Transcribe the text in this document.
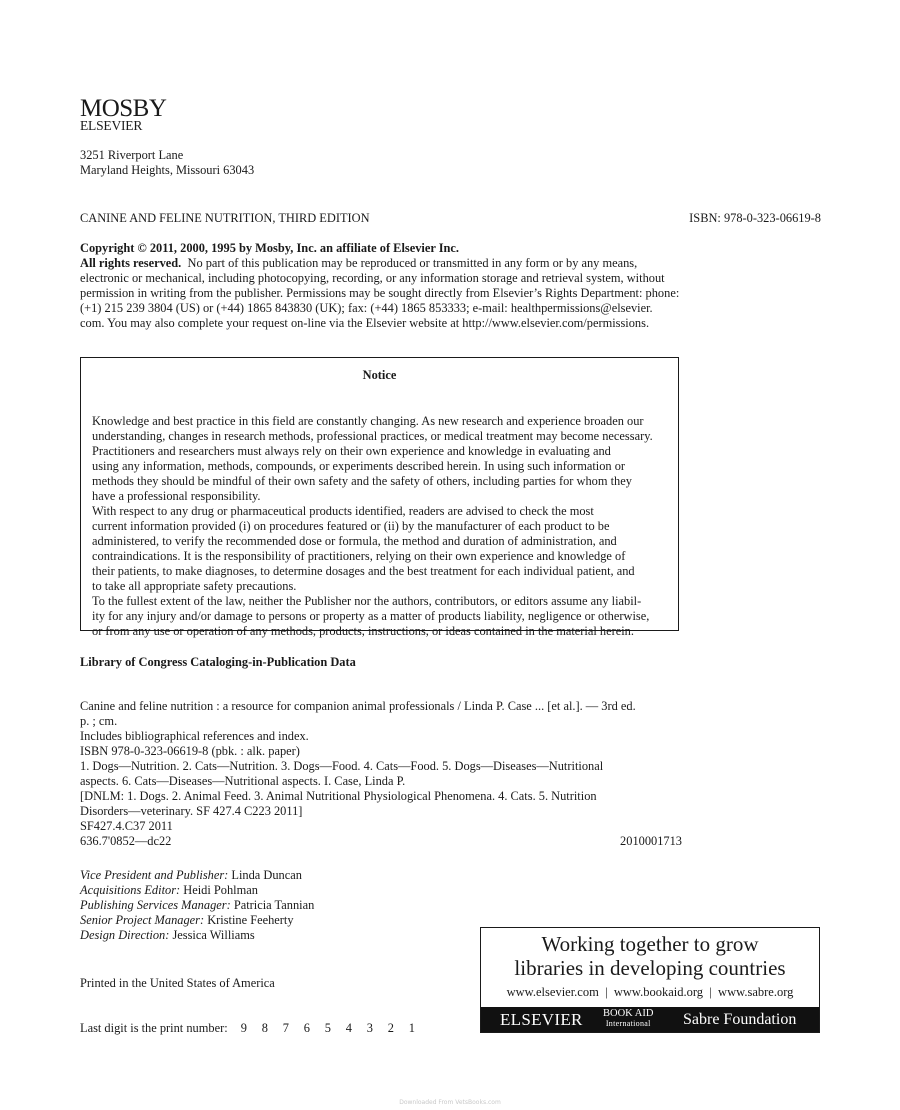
MOSBY
ELSEVIER
3251 Riverport Lane
Maryland Heights, Missouri 63043
CANINE AND FELINE NUTRITION, THIRD EDITION	ISBN: 978-0-323-06619-8
Copyright © 2011, 2000, 1995 by Mosby, Inc. an affiliate of Elsevier Inc.
All rights reserved.  No part of this publication may be reproduced or transmitted in any form or by any means,
electronic or mechanical, including photocopying, recording, or any information storage and retrieval system, without
permission in writing from the publisher. Permissions may be sought directly from Elsevier’s Rights Department: phone:
(+1) 215 239 3804 (US) or (+44) 1865 843830 (UK); fax: (+44) 1865 853333; e-mail: healthpermissions@elsevier.
com. You may also complete your request on-line via the Elsevier website at http://www.elsevier.com/permissions.
Notice

Knowledge and best practice in this field are constantly changing. As new research and experience broaden our
understanding, changes in research methods, professional practices, or medical treatment may become necessary.
Practitioners and researchers must always rely on their own experience and knowledge in evaluating and
using any information, methods, compounds, or experiments described herein. In using such information or
methods they should be mindful of their own safety and the safety of others, including parties for whom they
have a professional responsibility.
With respect to any drug or pharmaceutical products identified, readers are advised to check the most
current information provided (i) on procedures featured or (ii) by the manufacturer of each product to be
administered, to verify the recommended dose or formula, the method and duration of administration, and
contraindications. It is the responsibility of practitioners, relying on their own experience and knowledge of
their patients, to make diagnoses, to determine dosages and the best treatment for each individual patient, and
to take all appropriate safety precautions.
To the fullest extent of the law, neither the Publisher nor the authors, contributors, or editors assume any liabil-
ity for any injury and/or damage to persons or property as a matter of products liability, negligence or otherwise,
or from any use or operation of any methods, products, instructions, or ideas contained in the material herein.
Library of Congress Cataloging-in-Publication Data

Canine and feline nutrition : a resource for companion animal professionals / Linda P. Case ... [et al.]. — 3rd ed.
p. ; cm.
Includes bibliographical references and index.
ISBN 978-0-323-06619-8 (pbk. : alk. paper)
1. Dogs—Nutrition. 2. Cats—Nutrition. 3. Dogs—Food. 4. Cats—Food. 5. Dogs—Diseases—Nutritional
aspects. 6. Cats—Diseases—Nutritional aspects. I. Case, Linda P.
[DNLM: 1. Dogs. 2. Animal Feed. 3. Animal Nutritional Physiological Phenomena. 4. Cats. 5. Nutrition
Disorders—veterinary. SF 427.4 C223 2011]
SF427.4.C37 2011
636.7'0852—dc22	2010001713

Vice President and Publisher: Linda Duncan
Acquisitions Editor: Heidi Pohlman
Publishing Services Manager: Patricia Tannian
Senior Project Manager: Kristine Feeherty
Design Direction: Jessica Williams
Printed in the United States of America
Last digit is the print number: 9 8 7 6 5 4 3 2 1
Working together to grow
libraries in developing countries
www.elsevier.com  |  www.bookaid.org  |  www.sabre.org
ELSEVIER BOOK AID
International Sabre Foundation
Downloaded From VetsBooks.com
